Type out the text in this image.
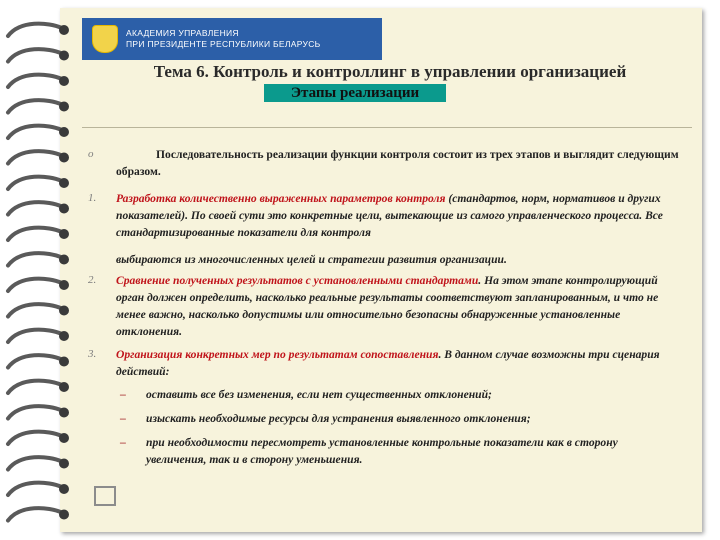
АКАДЕМИЯ УПРАВЛЕНИЯ
ПРИ ПРЕЗИДЕНТЕ РЕСПУБЛИКИ БЕЛАРУСЬ
Тема 6. Контроль и контроллинг в управлении организацией
Этапы реализации
o	Последовательность реализации функции контроля состоит из трех этапов и выглядит следующим образом.
1. Разработка количественно выраженных параметров контроля (стандартов, норм, нормативов и других показателей). По своей сути это конкретные цели, вытекающие из самого управленческого процесса. Все стандартизированные показатели для контроля
выбираются из многочисленных целей и стратегии развития организации.
2. Сравнение полученных результатов с установленными стандартами. На этом этапе контролирующий орган должен определить, насколько реальные результаты соответствуют запланированным, и что не менее важно, насколько допустимы или относительно безопасны обнаруженные установленные отклонения.
3. Организация конкретных мер по результатам сопоставления. В данном случае возможны три сценария действий:
– оставить все без изменения, если нет существенных отклонений;
– изыскать необходимые ресурсы для устранения выявленного отклонения;
– при необходимости пересмотреть установленные контрольные показатели как в сторону увеличения, так и в сторону уменьшения.
